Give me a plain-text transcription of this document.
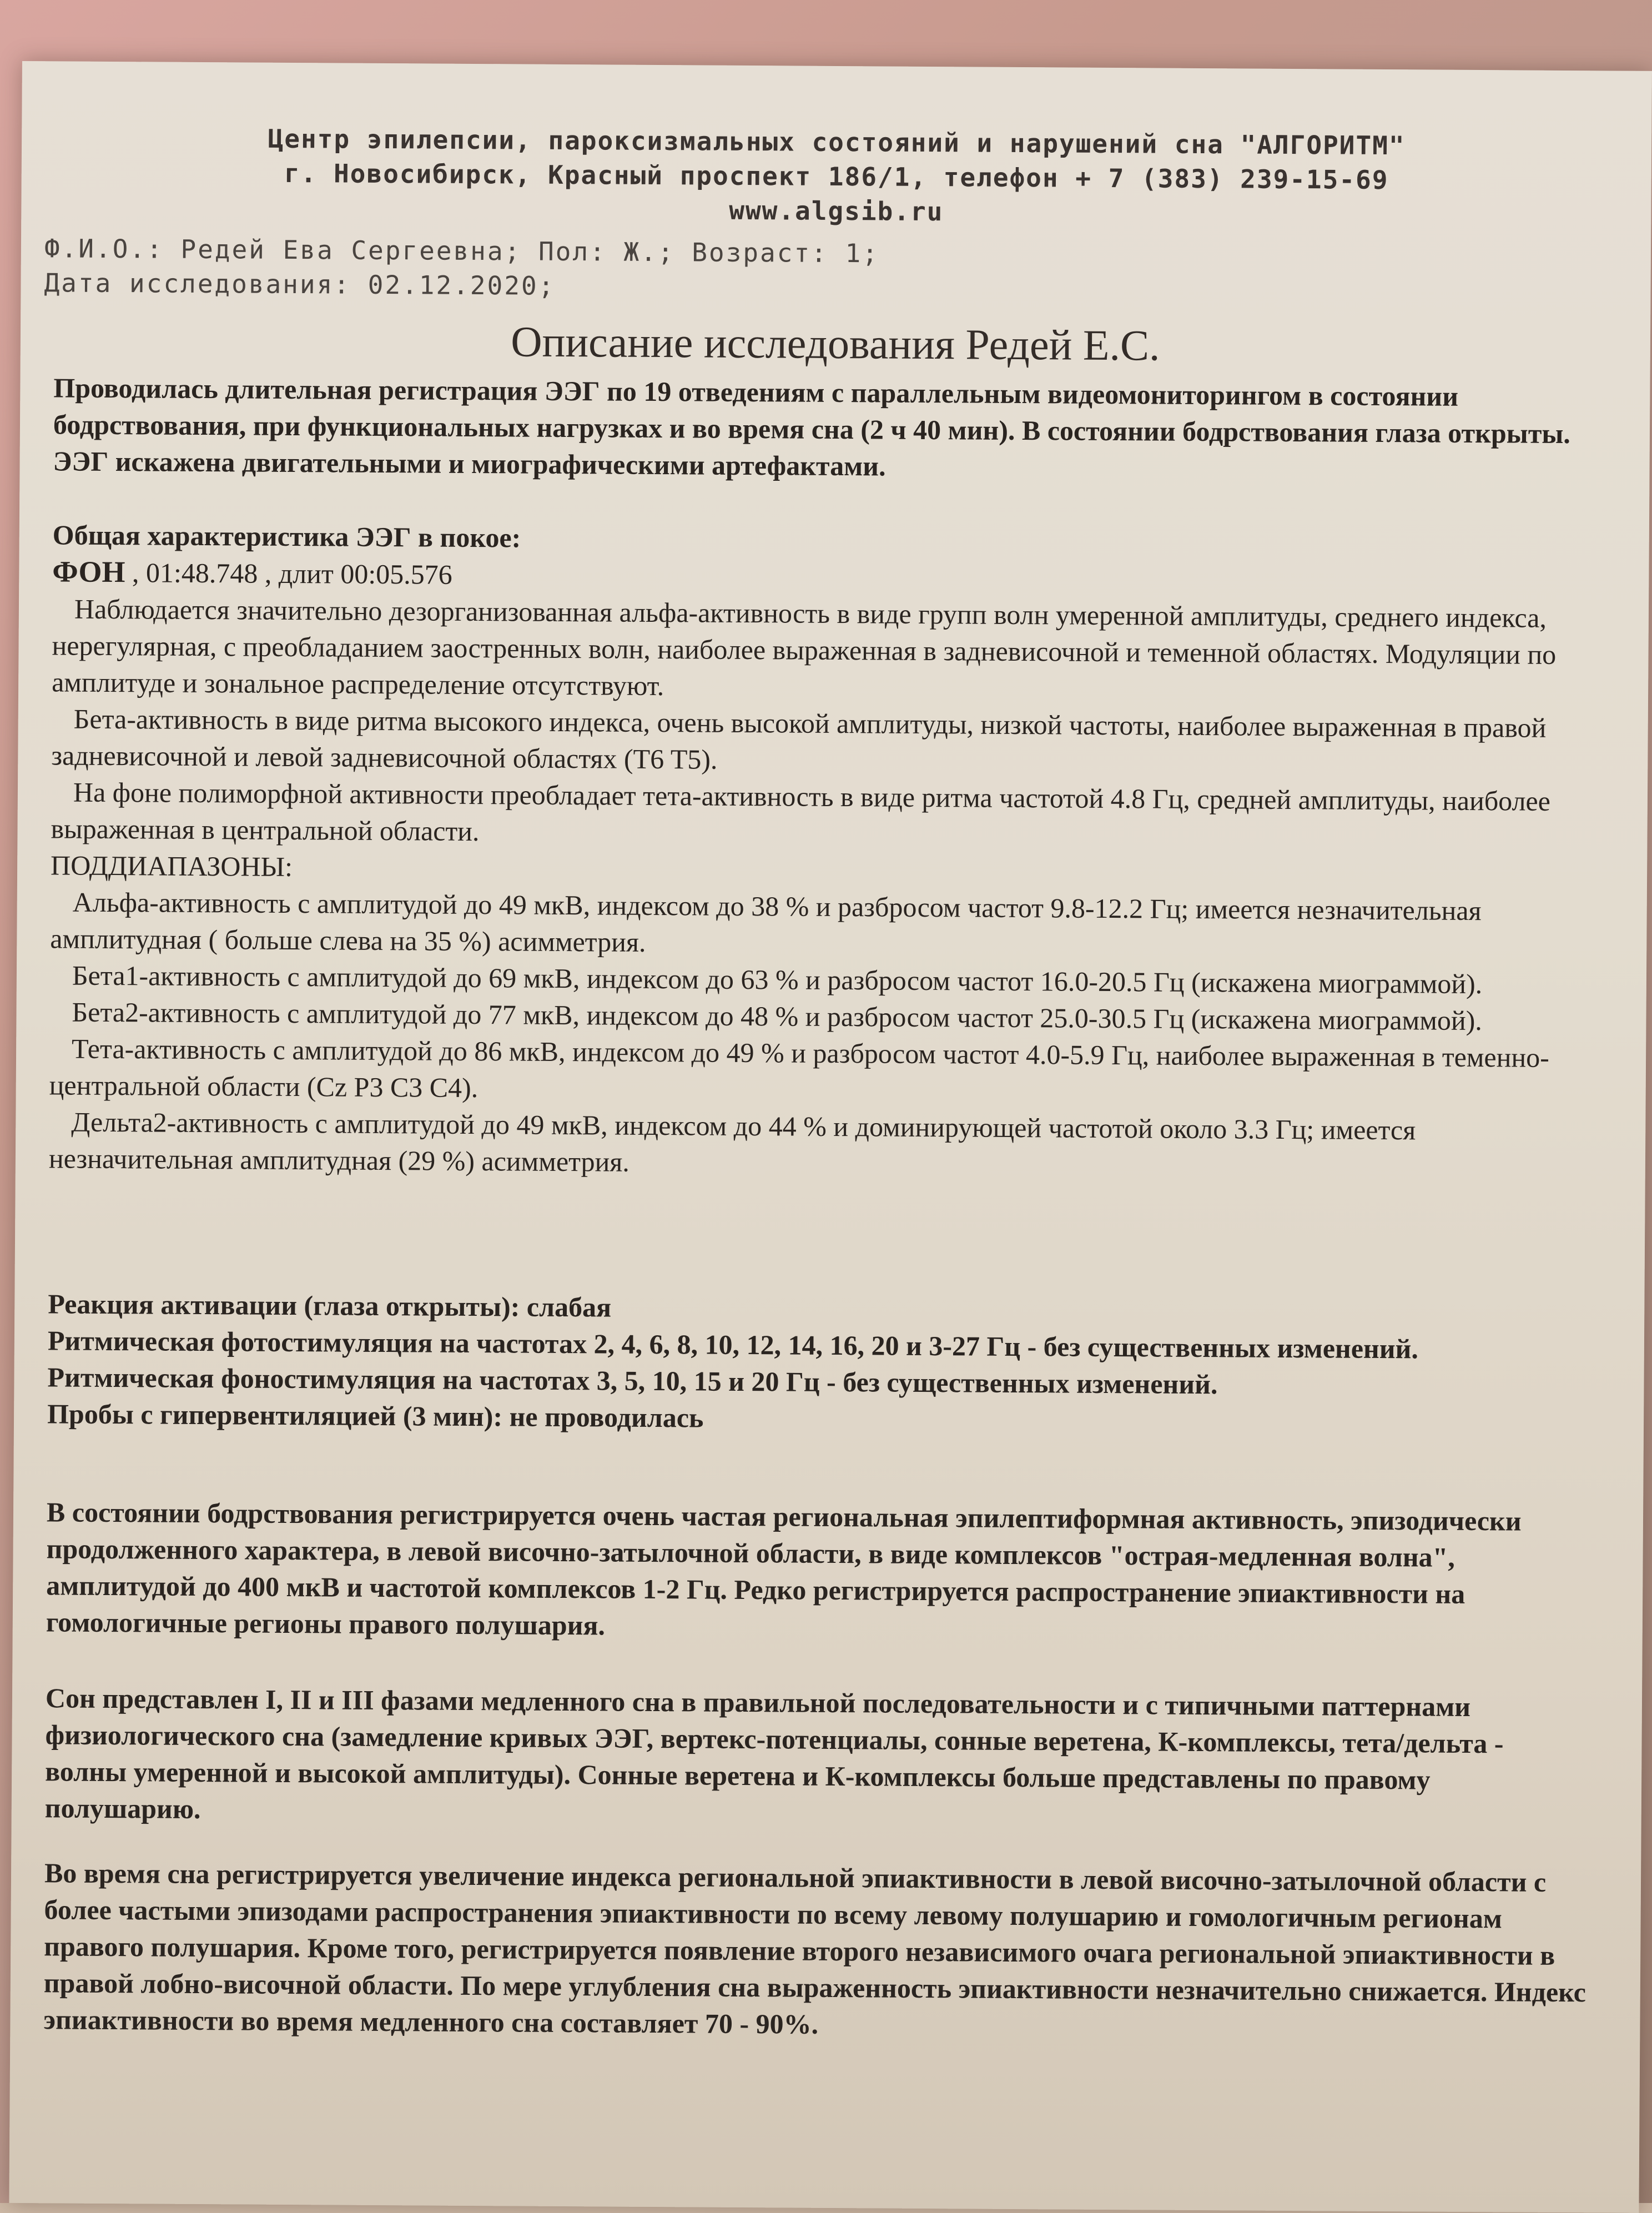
Центр эпилепсии, пароксизмальных состояний и нарушений сна "АЛГОРИТМ"
г. Новосибирск, Красный проспект 186/1, телефон + 7 (383) 239-15-69
www.algsib.ru
Ф.И.О.: Редей Ева Сергеевна; Пол: Ж.; Возраст: 1;
Дата исследования: 02.12.2020;
Описание исследования Редей Е.С.

Проводилась длительная регистрация ЭЭГ по 19 отведениям с параллельным видеомониторингом в состоянии бодрствования, при функциональных нагрузках и во время сна (2 ч 40 мин). В состоянии бодрствования глаза открыты. ЭЭГ искажена двигательными и миографическими артефактами.

Общая характеристика ЭЭГ в покое:
ФОН , 01:48.748 , длит 00:05.576

Наблюдается значительно дезорганизованная альфа-активность в виде групп волн умеренной амплитуды, среднего индекса, нерегулярная, с преобладанием заостренных волн, наиболее выраженная в задневисочной и теменной областях. Модуляции по амплитуде и зональное распределение отсутствуют.

Бета-активность в виде ритма высокого индекса, очень высокой амплитуды, низкой частоты, наиболее выраженная в правой задневисочной и левой задневисочной областях (T6 T5).

На фоне полиморфной активности преобладает тета-активность в виде ритма частотой 4.8 Гц, средней амплитуды, наиболее выраженная в центральной области.

ПОДДИАПАЗОНЫ:

Альфа-активность с амплитудой до 49 мкВ, индексом до 38 % и разбросом частот 9.8-12.2 Гц; имеется незначительная амплитудная ( больше слева на 35 %) асимметрия.

Бета1-активность с амплитудой до 69 мкВ, индексом до 63 % и разбросом частот 16.0-20.5 Гц (искажена миограммой).

Бета2-активность с амплитудой до 77 мкВ, индексом до 48 % и разбросом частот 25.0-30.5 Гц (искажена миограммой).

Тета-активность с амплитудой до 86 мкВ, индексом до 49 % и разбросом частот 4.0-5.9 Гц, наиболее выраженная в теменно-центральной области (Cz P3 C3 C4).

Дельта2-активность с амплитудой до 49 мкВ, индексом до 44 % и доминирующей частотой около 3.3 Гц; имеется незначительная амплитудная (29 %) асимметрия.

Реакция активации (глаза открыты): слабая
Ритмическая фотостимуляция на частотах 2, 4, 6, 8, 10, 12, 14, 16, 20 и 3-27 Гц - без существенных изменений.
Ритмическая фоностимуляция на частотах 3, 5, 10, 15 и 20 Гц - без существенных изменений.
Пробы с гипервентиляцией (3 мин): не проводилась

В состоянии бодрствования регистрируется очень частая региональная эпилептиформная активность, эпизодически продолженного характера, в левой височно-затылочной области, в виде комплексов "острая-медленная волна", амплитудой до 400 мкВ и частотой комплексов 1-2 Гц. Редко регистрируется распространение эпиактивности на гомологичные регионы правого полушария.

Сон представлен I, II и III фазами медленного сна в правильной последовательности и с типичными паттернами физиологического сна (замедление кривых ЭЭГ, вертекс-потенциалы, сонные веретена, К-комплексы, тета/дельта - волны умеренной и высокой амплитуды). Сонные веретена и К-комплексы больше представлены по правому полушарию.

Во время сна регистрируется увеличение индекса региональной эпиактивности в левой височно-затылочной области с более частыми эпизодами распространения эпиактивности по всему левому полушарию и гомологичным регионам правого полушария. Кроме того, регистрируется появление второго независимого очага региональной эпиактивности в правой лобно-височной области. По мере углубления сна выраженность эпиактивности незначительно снижается. Индекс эпиактивности во время медленного сна составляет 70 - 90%.
